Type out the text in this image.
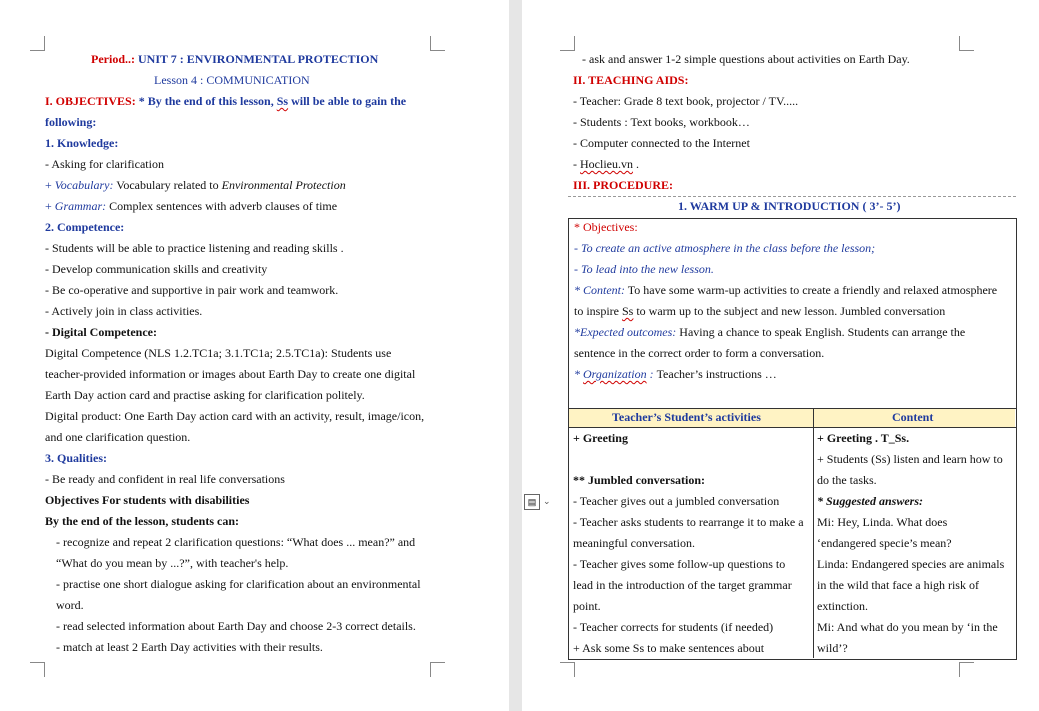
Period..: UNIT 7 : ENVIRONMENTAL PROTECTION
Lesson 4 : COMMUNICATION
I. OBJECTIVES: * By the end of this lesson, Ss will be able to gain the
following:
1. Knowledge:
- Asking for clarification
+ Vocabulary: Vocabulary related to Environmental Protection
+ Grammar: Complex sentences with adverb clauses of time
2. Competence:
- Students will be able to practice listening and reading skills .
- Develop communication skills and creativity
- Be co-operative and supportive in pair work and teamwork.
- Actively join in class activities.
- Digital Competence:
Digital Competence (NLS 1.2.TC1a; 3.1.TC1a; 2.5.TC1a): Students use
teacher-provided information or images about Earth Day to create one digital
Earth Day action card and practise asking for clarification politely.
Digital product: One Earth Day action card with an activity, result, image/icon,
and one clarification question.
3. Qualities:
- Be ready and confident in real life conversations
Objectives For students with disabilities
By the end of the lesson, students can:
- recognize and repeat 2 clarification questions: “What does ... mean?” and
“What do you mean by ...?”, with teacher's help.
- practise one short dialogue asking for clarification about an environmental
word.
- read selected information about Earth Day and choose 2-3 correct details.
- match at least 2 Earth Day activities with their results.
- ask and answer 1-2 simple questions about activities on Earth Day.
II. TEACHING AIDS:
- Teacher: Grade 8 text book, projector / TV.....
- Students : Text books, workbook…
- Computer connected to the Internet
- Hoclieu.vn .
III. PROCEDURE:
1. WARM UP & INTRODUCTION ( 3’- 5’)
* Objectives:
- To create an active atmosphere in the class before the lesson;
- To lead into the new lesson.
* Content: To have some warm-up activities to create a friendly and relaxed atmosphere
to inspire Ss to warm up to the subject and new lesson. Jumbled conversation
*Expected outcomes: Having a chance to speak English. Students can arrange the
sentence in the correct order to form a conversation.
* Organization : Teacher’s instructions …
Teacher’s Student’s activities	Content
+ Greeting
** Jumbled conversation:
- Teacher gives out a jumbled conversation
- Teacher asks students to rearrange it to make a
meaningful conversation.
- Teacher gives some follow-up questions to
lead in the introduction of the target grammar
point.
- Teacher corrects for students (if needed)
+ Ask some Ss to make sentences about
+ Greeting . T_Ss.
+ Students (Ss) listen and learn how to
do the tasks.
* Suggested answers:
Mi: Hey, Linda. What does
‘endangered specie’s mean?
Linda: Endangered species are animals
in the wild that face a high risk of
extinction.
Mi: And what do you mean by ‘in the
wild’?
▤ ⌄
